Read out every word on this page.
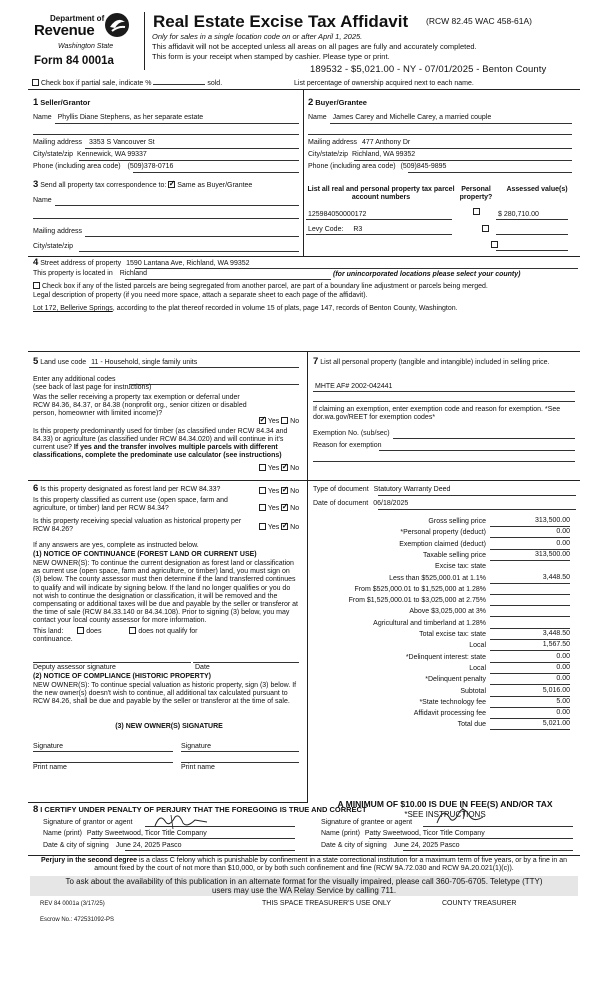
Department of
Revenue
Washington State
Form 84 0001a
Real Estate Excise Tax Affidavit (RCW 82.45 WAC 458-61A)
Only for sales in a single location code on or after April 1, 2025.
This affidavit will not be accepted unless all areas on all pages are fully and accurately completed.
This form is your receipt when stamped by cashier. Please type or print.
189532 - $5,021.00 - NY - 07/01/2025 - Benton County
Check box if partial sale, indicate %	sold.	List percentage of ownership acquired next to each name.
1 Seller/Grantor
Name Phyllis Diane Stephens, as her separate estate
Mailing address 3353 S Vancouver St
City/state/zip Kennewick, WA 99337
Phone (including area code) (509)378-0716
2 Buyer/Grantee
Name James Carey and Michelle Carey, a married couple
Mailing address 477 Anthony Dr
City/state/zip Richland, WA 99352
Phone (including area code) (509)845-9895
3 Send all property tax correspondence to: ✓ Same as Buyer/Grantee
Name
Mailing address
City/state/zip
List all real and personal property tax parcel account numbers
Personal property?
Assessed value(s)
125984050000172
	$ 280,710.00
Levy Code: R3

4 Street address of property 1590 Lantana Ave, Richland, WA 99352
This property is located in Richland	(for unincorporated locations please select your county)
Check box if any of the listed parcels are being segregated from another parcel, are part of a boundary line adjustment or parcels being merged.
Legal description of property (if you need more space, attach a separate sheet to each page of the affidavit).
Lot 172, Bellerive Springs, according to the plat thereof recorded in volume 15 of plats, page 147, records of Benton County, Washington.
5 Land use code 11 - Household, single family units
Enter any additional codes
(see back of last page for instructions)
Was the seller receiving a property tax exemption or deferral under RCW 84.36, 84.37, or 84.38 (nonprofit org., senior citizen or disabled person, homeowner with limited income)?
✓ Yes No
Is this property predominantly used for timber (as classified under RCW 84.34 and 84.33) or agriculture (as classified under RCW 84.34.020) and will continue in it's current use? If yes and the transfer involves multiple parcels with different classifications, complete the predominate use calculator (see instructions)
Yes ✓ No
7 List all personal property (tangible and intangible) included in selling price.
MHTE AF# 2002-042441
If claiming an exemption, enter exemption code and reason for exemption. *See dor.wa.gov/REET for exemption codes*
Exemption No. (sub/sec)
Reason for exemption
6 Is this property designated as forest land per RCW 84.33?	Yes ✓ No
Is this property classified as current use (open space, farm and agriculture, or timber) land per RCW 84.34?	Yes ✓ No
Is this property receiving special valuation as historical property per RCW 84.26?	Yes ✓ No
If any answers are yes, complete as instructed below.
(1) NOTICE OF CONTINUANCE (FOREST LAND OR CURRENT USE)
NEW OWNER(S): To continue the current designation as forest land or classification as current use (open space, farm and agriculture, or timber) land, you must sign on (3) below. The county assessor must then determine if the land transferred continues to qualify and will indicate by signing below. If the land no longer qualifies or you do not wish to continue the designation or classification, it will be removed and the compensating or additional taxes will be due and payable by the seller or transferor at the time of sale (RCW 84.33.140 or 84.34.108). Prior to signing (3) below, you may contact your local county assessor for more information.
This land:	does	does not qualify for
continuance.
Deputy assessor signature	Date
(2) NOTICE OF COMPLIANCE (HISTORIC PROPERTY)
NEW OWNER(S): To continue special valuation as historic property, sign (3) below. If the new owner(s) doesn't wish to continue, all additional tax calculated pursuant to RCW 84.26, shall be due and payable by the seller or transferor at the time of sale.
(3) NEW OWNER(S) SIGNATURE
Signature	Signature
Print name	Print name
Type of document Statutory Warranty Deed
Date of document 06/18/2025
Gross selling price	313,500.00
*Personal property (deduct)	0.00
Exemption claimed (deduct)	0.00
Taxable selling price	313,500.00
Excise tax: state
Less than $525,000.01 at 1.1%	3,448.50
From $525,000.01 to $1,525,000 at 1.28%
From $1,525,000.01 to $3,025,000 at 2.75%
Above $3,025,000 at 3%
Agricultural and timberland at 1.28%
Total excise tax: state	3,448.50
Local	1,567.50
*Delinquent interest: state	0.00
Local	0.00
*Delinquent penalty	0.00
Subtotal	5,016.00
*State technology fee	5.00
Affidavit processing fee	0.00
Total due	5,021.00
A MINIMUM OF $10.00 IS DUE IN FEE(S) AND/OR TAX
*SEE INSTRUCTIONS
8 I CERTIFY UNDER PENALTY OF PERJURY THAT THE FOREGOING IS TRUE AND CORRECT
Signature of grantor or agent	Signature of grantee or agent
Name (print) Patty Sweetwood, Ticor Title Company	Name (print) Patty Sweetwood, Ticor Title Company
Date & city of signing June 24, 2025 Pasco	Date & city of signing June 24, 2025 Pasco
Perjury in the second degree is a class C felony which is punishable by confinement in a state correctional institution for a maximum term of five years, or by a fine in an amount fixed by the court of not more than $10,000, or by both such confinement and fine (RCW 9A.72.030 and RCW 9A.20.021(1)(c)).
To ask about the availability of this publication in an alternate format for the visually impaired, please call 360-705-6705. Teletype (TTY) users may use the WA Relay Service by calling 711.
REV 84 0001a (3/17/25)	THIS SPACE TREASURER'S USE ONLY	COUNTY TREASURER
Escrow No.: 472531092-PS
